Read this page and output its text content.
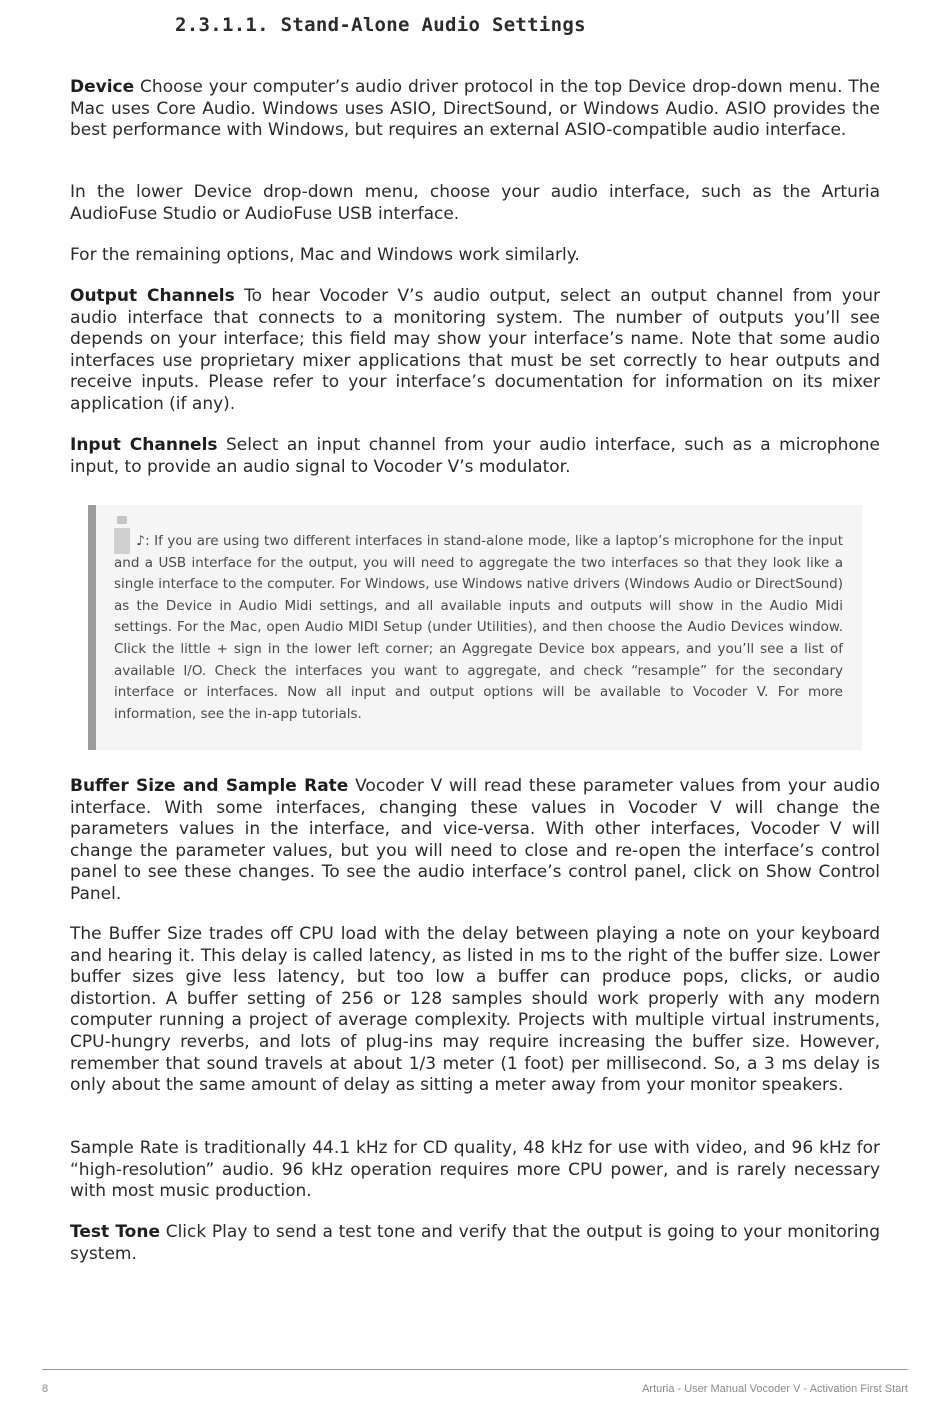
2.3.1.1. Stand-Alone Audio Settings

Device Choose your computer’s audio driver protocol in the top Device drop-down menu. The Mac uses Core Audio. Windows uses ASIO, DirectSound, or Windows Audio. ASIO provides the best performance with Windows, but requires an external ASIO-compatible audio interface.

In the lower Device drop-down menu, choose your audio interface, such as the Arturia AudioFuse Studio or AudioFuse USB interface.

For the remaining options, Mac and Windows work similarly.

Output Channels To hear Vocoder V’s audio output, select an output channel from your audio interface that connects to a monitoring system. The number of outputs you’ll see depends on your interface; this field may show your interface’s name. Note that some audio interfaces use proprietary mixer applications that must be set correctly to hear outputs and receive inputs. Please refer to your interface’s documentation for information on its mixer application (if any).

Input Channels Select an input channel from your audio interface, such as a microphone input, to provide an audio signal to Vocoder V’s modulator.

♪: If you are using two different interfaces in stand-alone mode, like a laptop’s microphone for the input and a USB interface for the output, you will need to aggregate the two interfaces so that they look like a single interface to the computer. For Windows, use Windows native drivers (Windows Audio or DirectSound) as the Device in Audio Midi settings, and all available inputs and outputs will show in the Audio Midi settings. For the Mac, open Audio MIDI Setup (under Utilities), and then choose the Audio Devices window. Click the little + sign in the lower left corner; an Aggregate Device box appears, and you’ll see a list of available I/O. Check the interfaces you want to aggregate, and check “resample” for the secondary interface or interfaces. Now all input and output options will be available to Vocoder V. For more information, see the in-app tutorials.

Buffer Size and Sample Rate Vocoder V will read these parameter values from your audio interface. With some interfaces, changing these values in Vocoder V will change the parameters values in the interface, and vice-versa. With other interfaces, Vocoder V will change the parameter values, but you will need to close and re-open the interface’s control panel to see these changes. To see the audio interface’s control panel, click on Show Control Panel.

The Buffer Size trades off CPU load with the delay between playing a note on your keyboard and hearing it. This delay is called latency, as listed in ms to the right of the buffer size. Lower buffer sizes give less latency, but too low a buffer can produce pops, clicks, or audio distortion. A buffer setting of 256 or 128 samples should work properly with any modern computer running a project of average complexity. Projects with multiple virtual instruments, CPU-hungry reverbs, and lots of plug-ins may require increasing the buffer size. However, remember that sound travels at about 1/3 meter (1 foot) per millisecond. So, a 3 ms delay is only about the same amount of delay as sitting a meter away from your monitor speakers.

Sample Rate is traditionally 44.1 kHz for CD quality, 48 kHz for use with video, and 96 kHz for “high-resolution” audio. 96 kHz operation requires more CPU power, and is rarely necessary with most music production.

Test Tone Click Play to send a test tone and verify that the output is going to your monitoring system.

8	Arturia - User Manual Vocoder V - Activation First Start
